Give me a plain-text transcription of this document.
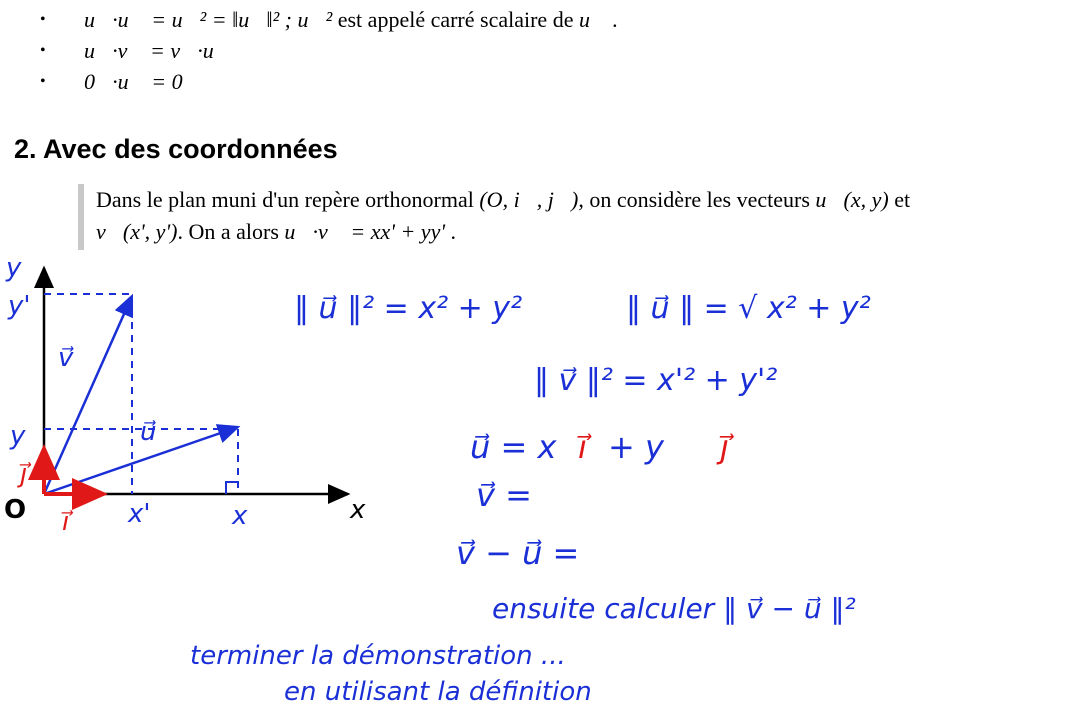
• u⃗·u⃗ = u⃗² = ‖u⃗‖² ; u⃗² est appelé carré scalaire de u⃗ .
• u⃗·v⃗ = v⃗·u⃗
• 0⃗·u⃗ = 0
2. Avec des coordonnées

Dans le plan muni d'un repère orthonormal (O, i⃗, j⃗), on considère les vecteurs u⃗(x, y) et

v⃗(x', y'). On a alors u⃗·v⃗ = xx' + yy' .

O	x
y
y'
y
x'	x
v⃗
u⃗
i⃗
j⃗
‖ u⃗ ‖² = x² + y²	‖ u⃗ ‖ = √ x² + y²
‖ v⃗ ‖² = x'² + y'²
u⃗ = x i⃗ + y j⃗
v⃗ =
v⃗ − u⃗ =
ensuite calculer ‖ v⃗ − u⃗ ‖²
terminer la démonstration ...
en utilisant la définition
